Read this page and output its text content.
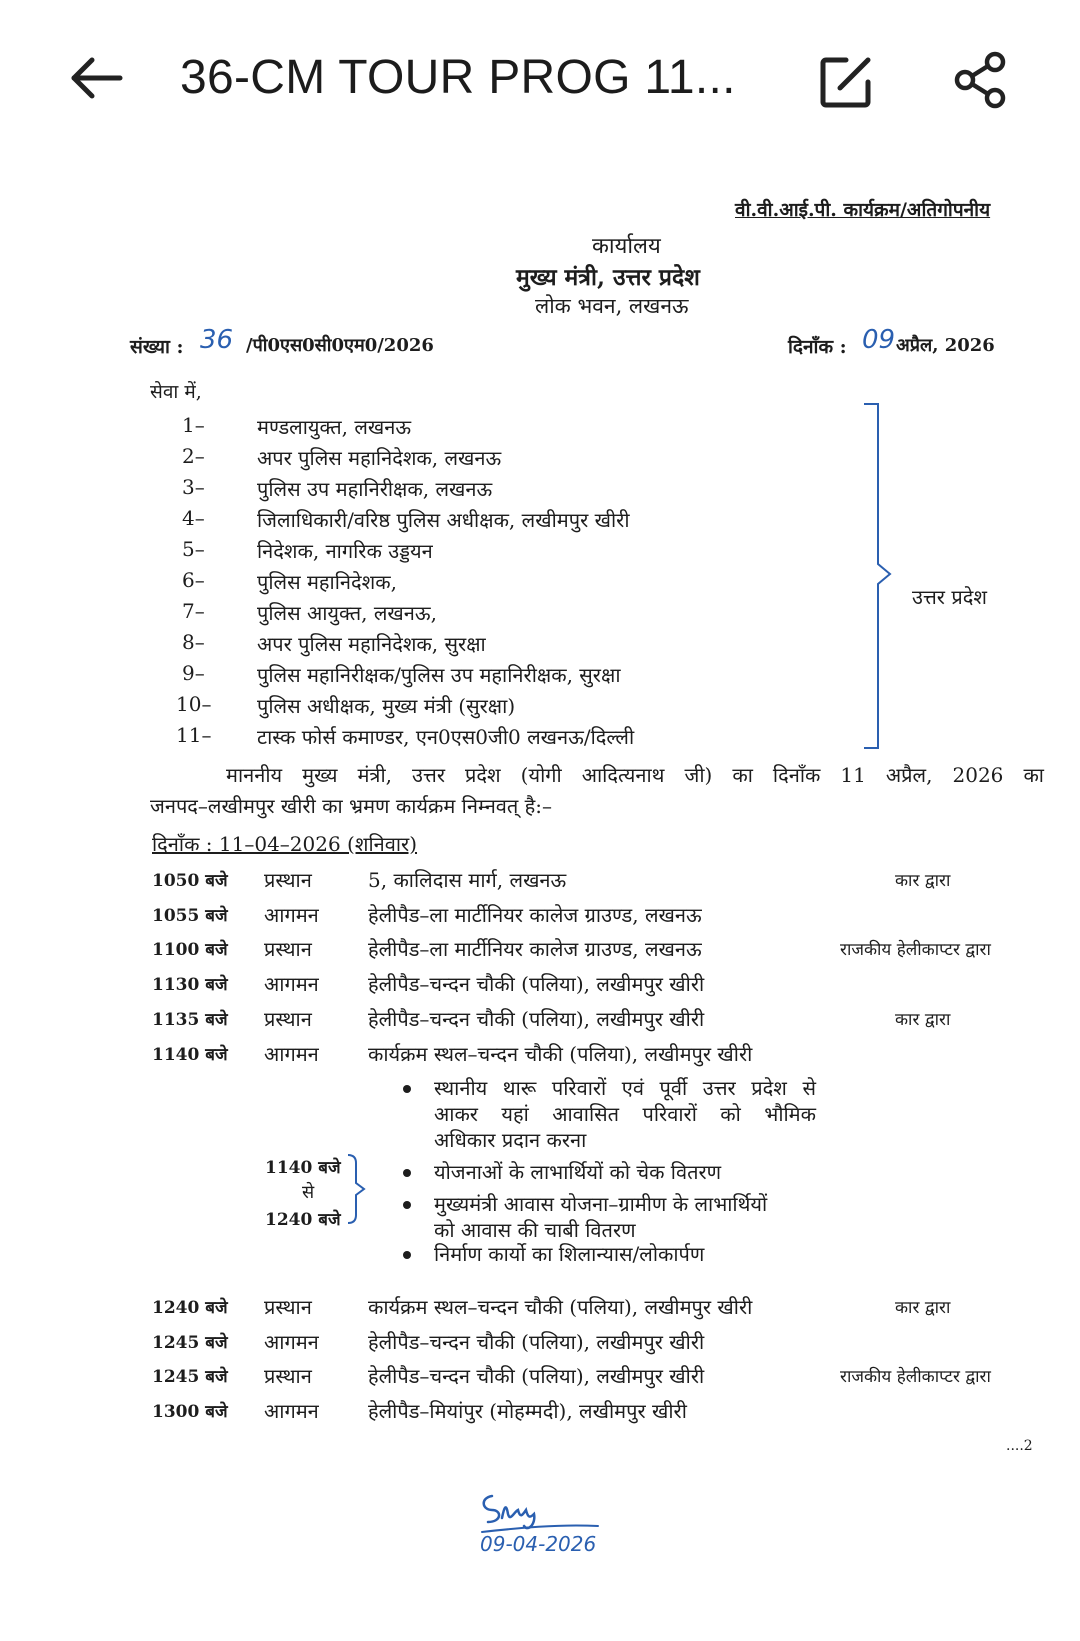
36-CM TOUR PROG 11...
वी.वी.आई.पी. कार्यक्रम/अतिगोपनीय
कार्यालय
मुख्य मंत्री, उत्तर प्रदेश
लोक भवन, लखनऊ
संख्या : 36 /पी0एस0सी0एम0/2026	दिनाँक : 09 अप्रैल, 2026
सेवा में,
1–	मण्डलायुक्त, लखनऊ
2–	अपर पुलिस महानिदेशक, लखनऊ
3–	पुलिस उप महानिरीक्षक, लखनऊ
4–	जिलाधिकारी/वरिष्ठ पुलिस अधीक्षक, लखीमपुर खीरी
5–	निदेशक, नागरिक उड्डयन
6–	पुलिस महानिदेशक,
7–	पुलिस आयुक्त, लखनऊ,
8–	अपर पुलिस महानिदेशक, सुरक्षा
9–	पुलिस महानिरीक्षक/पुलिस उप महानिरीक्षक, सुरक्षा
10– पुलिस अधीक्षक, मुख्य मंत्री (सुरक्षा)
11– टास्क फोर्स कमाण्डर, एन0एस0जी0 लखनऊ/दिल्ली
उत्तर प्रदेश
माननीय मुख्य मंत्री, उत्तर प्रदेश (योगी आदित्यनाथ जी) का दिनाँक 11 अप्रैल, 2026 का
जनपद–लखीमपुर खीरी का भ्रमण कार्यक्रम निम्नवत् है:–
दिनाँक : 11–04–2026 (शनिवार)
1050 बजे प्रस्थान	5, कालिदास मार्ग, लखनऊ	कार द्वारा
1055 बजे आगमन हेलीपैड–ला मार्टीनियर कालेज ग्राउण्ड, लखनऊ
1100 बजे प्रस्थान	हेलीपैड–ला मार्टीनियर कालेज ग्राउण्ड, लखनऊ	राजकीय हेलीकाप्टर द्वारा
1130 बजे आगमन हेलीपैड–चन्दन चौकी (पलिया), लखीमपुर खीरी
1135 बजे प्रस्थान	हेलीपैड–चन्दन चौकी (पलिया), लखीमपुर खीरी	कार द्वारा
1140 बजे आगमन कार्यक्रम स्थल–चन्दन चौकी (पलिया), लखीमपुर खीरी
1140 बजे
से
1240 बजे
स्थानीय थारू परिवारों एवं पूर्वी उत्तर प्रदेश से
आकर यहां आवासित परिवारों को भौमिक
अधिकार प्रदान करना
योजनाओं के लाभार्थियों को चेक वितरण
मुख्यमंत्री आवास योजना–ग्रामीण के लाभार्थियों
को आवास की चाबी वितरण
निर्माण कार्यो का शिलान्यास/लोकार्पण
1240 बजे प्रस्थान	कार्यक्रम स्थल–चन्दन चौकी (पलिया), लखीमपुर खीरी	कार द्वारा
1245 बजे आगमन हेलीपैड–चन्दन चौकी (पलिया), लखीमपुर खीरी
1245 बजे प्रस्थान	हेलीपैड–चन्दन चौकी (पलिया), लखीमपुर खीरी	राजकीय हेलीकाप्टर द्वारा
1300 बजे आगमन हेलीपैड–मियांपुर (मोहम्मदी), लखीमपुर खीरी
....2
09-04-2026
